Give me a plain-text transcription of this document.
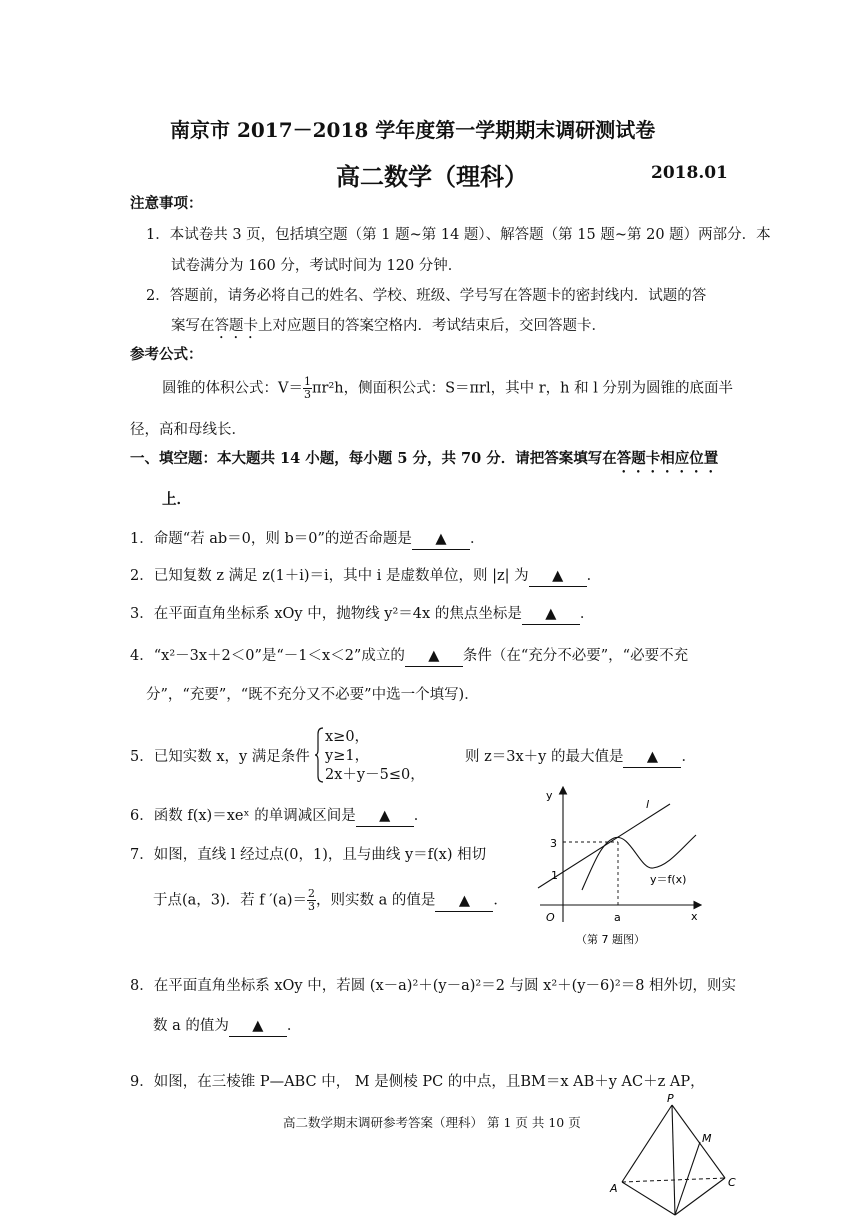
南京市 2017－2018 学年度第一学期期末调研测试卷
高二数学（理科）	2018.01
注意事项：
1．本试卷共 3 页，包括填空题（第 1 题~第 14 题）、解答题（第 15 题~第 20 题）两部分．本
试卷满分为 160 分，考试时间为 120 分钟．
2．答题前，请务必将自己的姓名、学校、班级、学号写在答题卡的密封线内．试题的答
案写在答题卡上对应题目的答案空格内．考试结束后，交回答题卡．
参考公式：
圆锥的体积公式：$V= \frac{1}{3} \pi r^2h$，侧面积公式：S＝πrl，其中 r，h 和 l 分别为圆锥的底面半
径，高和母线长．
一、填空题：本大题共 14 小题，每小题 5 分，共 70 分．请把答案填写在答题卡相应位置
上．
1．命题“若 ab＝0，则 b＝0”的逆否命题是 ▲ ．
2．已知复数 z 满足 z(1＋i)＝i，其中 i 是虚数单位，则 |z| 为 ▲ ．
3．在平面直角坐标系 xOy 中，抛物线 y²＝4x 的焦点坐标是 ▲ ．
4．“x²－3x＋2＜0”是“－1＜x＜2”成立的 ▲ 条件（在“充分不必要”，“必要不充
分”，“充要”，“既不充分又不必要”中选一个填写)．
5．已知实数 x，y 满足条件
x≥0，
y≥1，
2x＋y－5≤0，
则 z＝3x＋y 的最大值是 ▲ ．
6．函数 f(x)＝xeˣ 的单调减区间是 ▲ ．
7．如图，直线 l 经过点(0，1)，且与曲线 y＝f(x) 相切
于点(a，3)．若 f $'(a)= \frac{2}{3}$ ，则实数 a 的值是 ▲ ．
y
x
O
l
y＝f(x)
3
1
a
（第 7 题图）
8．在平面直角坐标系 xOy 中，若圆 (x－a)²＋(y－a)²＝2 与圆 x²＋(y－6)²＝8 相外切，则实
数 a 的值为 ▲ ．
9．如图，在三棱锥 P—ABC 中， M 是侧棱 PC 的中点，且BM＝x AB＋y AC＋z AP，
高二数学期末调研参考答案（理科） 第 1 页 共 10 页
P
M
A	C
